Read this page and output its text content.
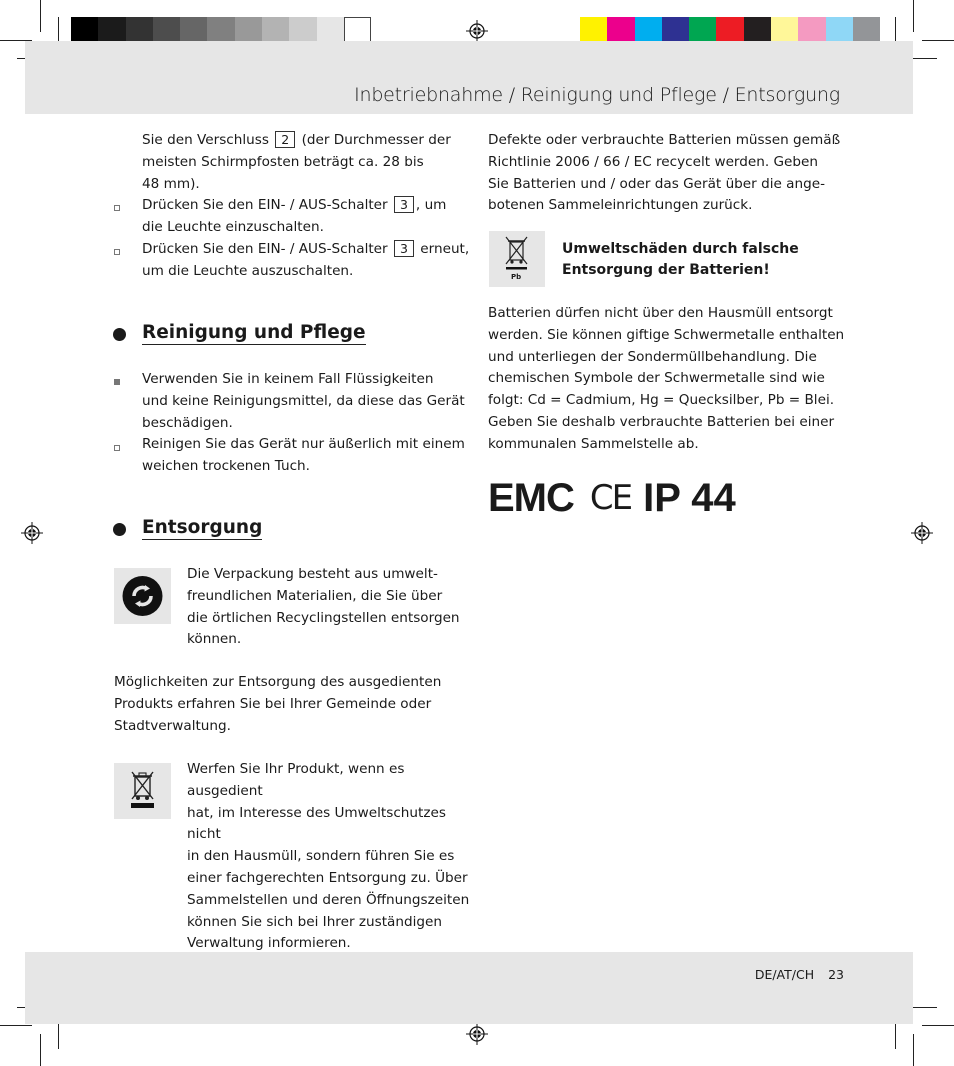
Inbetriebnahme / Reinigung und Pflege / Entsorgung
DE/AT/CH 23
Sie den Verschluss 2 (der Durchmesser der
meisten Schirmpfosten beträgt ca. 28 bis
48 mm).
Drücken Sie den EIN- / AUS-Schalter 3 , um
die Leuchte einzuschalten.
Drücken Sie den EIN- / AUS-Schalter 3 erneut,
um die Leuchte auszuschalten.
Reinigung und Pflege
Verwenden Sie in keinem Fall Flüssigkeiten
und keine Reinigungsmittel, da diese das Gerät
beschädigen.
Reinigen Sie das Gerät nur äußerlich mit einem
weichen trockenen Tuch.
Entsorgung
Die Verpackung besteht aus umwelt-
freundlichen Materialien, die Sie über
die örtlichen Recyclingstellen entsorgen
können.
Möglichkeiten zur Entsorgung des ausgedienten
Produkts erfahren Sie bei Ihrer Gemeinde oder
Stadtverwaltung.
Werfen Sie Ihr Produkt, wenn es ausgedient
hat, im Interesse des Umweltschutzes nicht
in den Hausmüll, sondern führen Sie es
einer fachgerechten Entsorgung zu. Über
Sammelstellen und deren Öffnungszeiten
können Sie sich bei Ihrer zuständigen
Verwaltung informieren.
Defekte oder verbrauchte Batterien müssen gemäß
Richtlinie 2006 / 66 / EC recycelt werden. Geben
Sie Batterien und / oder das Gerät über die ange-
botenen Sammeleinrichtungen zurück.
Pb
Umweltschäden durch falsche
Entsorgung der Batterien!
Batterien dürfen nicht über den Hausmüll entsorgt
werden. Sie können giftige Schwermetalle enthalten
und unterliegen der Sondermüllbehandlung. Die
chemischen Symbole der Schwermetalle sind wie
folgt: Cd = Cadmium, Hg = Quecksilber, Pb = Blei.
Geben Sie deshalb verbrauchte Batterien bei einer
kommunalen Sammelstelle ab.
EMC CE IP 44
